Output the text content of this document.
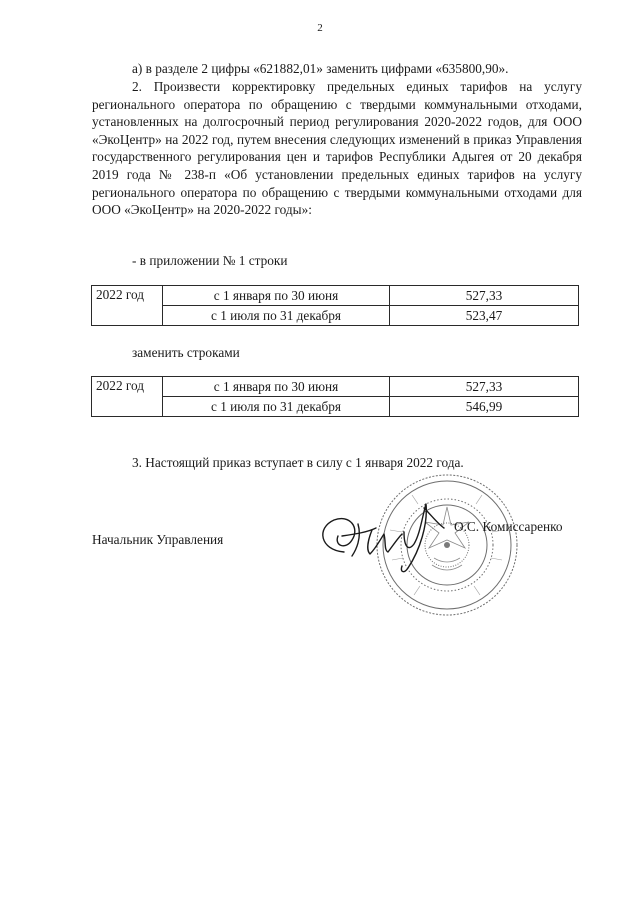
2

а) в разделе 2 цифры «621882,01» заменить цифрами «635800,90».

2. Произвести корректировку предельных единых тарифов на услугу регионального оператора по обращению с твердыми коммунальными отходами, установленных на долгосрочный период регулирования 2020-2022 годов, для ООО «ЭкоЦентр» на 2022 год, путем внесения следующих изменений в приказ Управления государственного регулирования цен и тарифов Республики Адыгея от 20 декабря 2019 года № 238-п «Об установлении предельных единых тарифов на услугу регионального оператора по обращению с твердыми коммунальными отходами для ООО «ЭкоЦентр» на 2020-2022 годы»:

- в приложении № 1 строки

2022 год	с 1 января по 30 июня	527,33
	с 1 июля по 31 декабря	523,47

заменить строками

2022 год	с 1 января по 30 июня	527,33
	с 1 июля по 31 декабря	546,99

3. Настоящий приказ вступает в силу с 1 января 2022 года.

Начальник Управления

О.С. Комиссаренко
